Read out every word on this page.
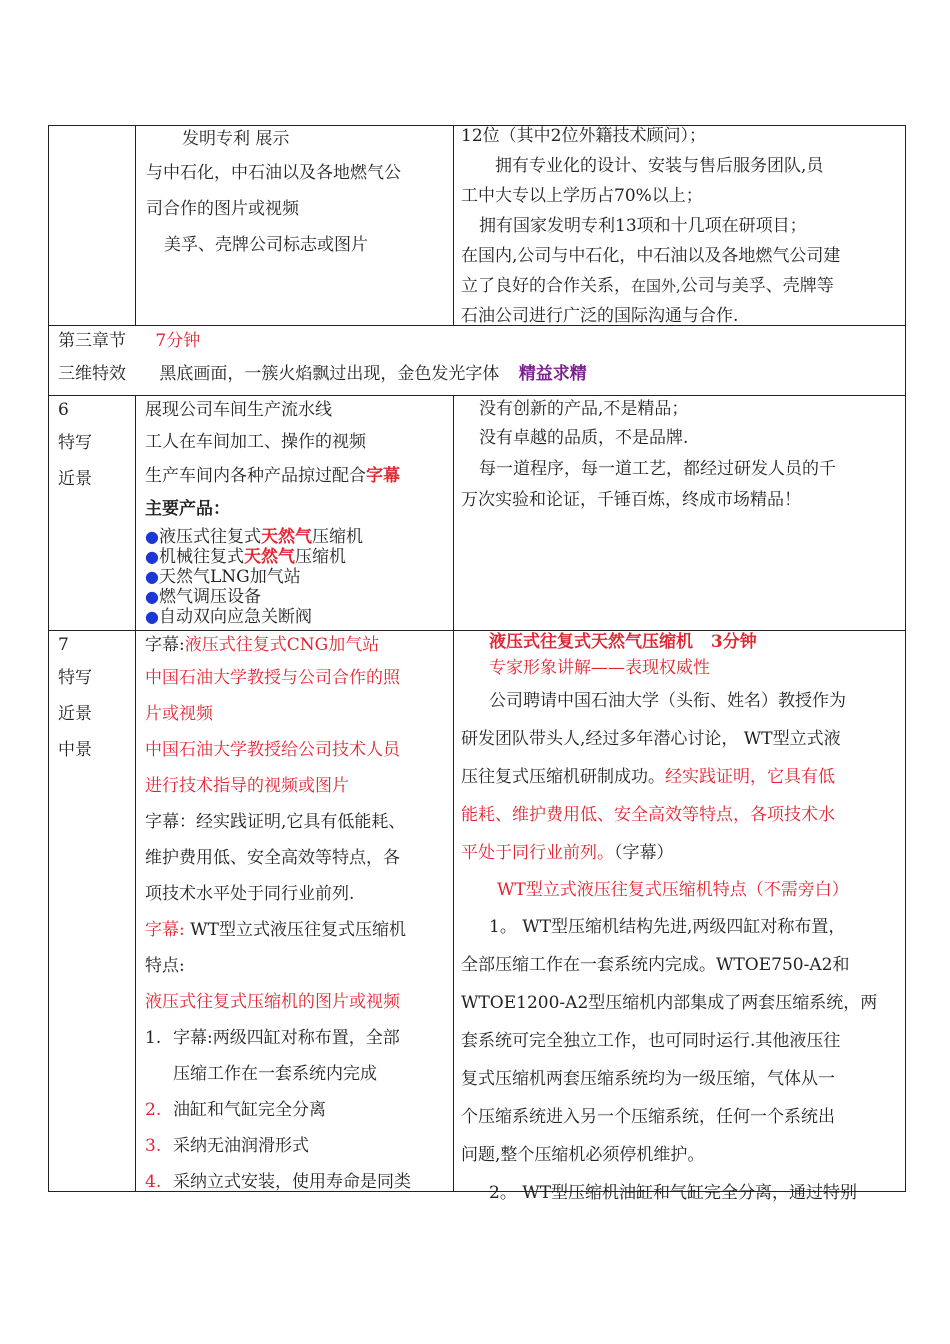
发明专利 展示
与中石化，中石油以及各地燃气公
司合作的图片或视频
美孚、壳牌公司标志或图片
12位（其中2位外籍技术顾问）；
拥有专业化的设计、安装与售后服务团队,员
工中大专以上学历占70%以上；
拥有国家发明专利13项和十几项在研项目；
在国内,公司与中石化，中石油以及各地燃气公司建
立了良好的合作关系，在国外,公司与美孚、壳牌等
石油公司进行广泛的国际沟通与合作.
第三章节 7分钟
三维特效 黑底画面，一簇火焰飘过出现，金色发光字体 精益求精
6
特写
近景
展现公司车间生产流水线
工人在车间加工、操作的视频
生产车间内各种产品掠过配合字幕
主要产品：
●液压式往复式天然气压缩机
●机械往复式天然气压缩机
●天然气LNG加气站
●燃气调压设备
●自动双向应急关断阀
没有创新的产品,不是精品；
没有卓越的品质，不是品牌.
每一道程序，每一道工艺，都经过研发人员的千
万次实验和论证，千锤百炼，终成市场精品！
7
特写
近景
中景
字幕:液压式往复式CNG加气站
中国石油大学教授与公司合作的照
片或视频
中国石油大学教授给公司技术人员
进行技术指导的视频或图片
字幕：经实践证明,它具有低能耗、
维护费用低、安全高效等特点，各
项技术水平处于同行业前列.
字幕: WT型立式液压往复式压缩机
特点:
液压式往复式压缩机的图片或视频
1. 字幕:两级四缸对称布置，全部
压缩工作在一套系统内完成
2. 油缸和气缸完全分离
3. 采纳无油润滑形式
4. 采纳立式安装，使用寿命是同类
液压式往复式天然气压缩机 3分钟
专家形象讲解——表现权威性
公司聘请中国石油大学（头衔、姓名）教授作为
研发团队带头人,经过多年潜心讨论， WT型立式液
压往复式压缩机研制成功。经实践证明，它具有低
能耗、维护费用低、安全高效等特点，各项技术水
平处于同行业前列。（字幕）
WT型立式液压往复式压缩机特点（不需旁白）
1。 WT型压缩机结构先进,两级四缸对称布置，
全部压缩工作在一套系统内完成。WTOE750-A2和
WTOE1200-A2型压缩机内部集成了两套压缩系统，两
套系统可完全独立工作，也可同时运行.其他液压往
复式压缩机两套压缩系统均为一级压缩，气体从一
个压缩系统进入另一个压缩系统，任何一个系统出
问题,整个压缩机必须停机维护。
2。 WT型压缩机油缸和气缸完全分离，通过特别
